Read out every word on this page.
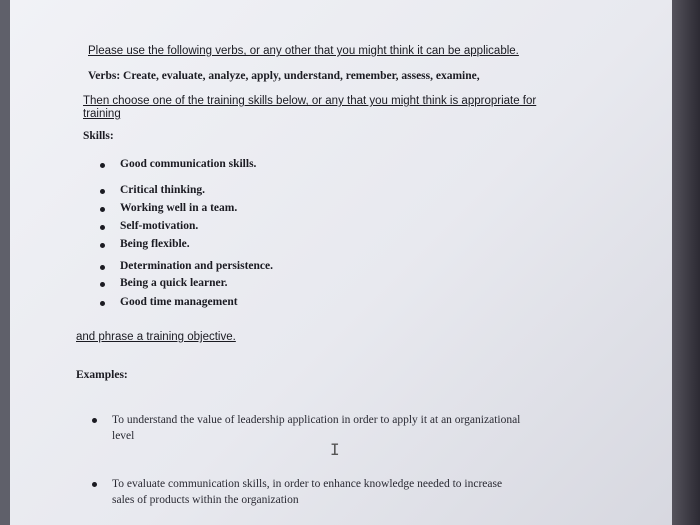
Please use the following verbs, or any other that you might think it can be applicable.
Verbs: Create, evaluate, analyze, apply, understand, remember, assess, examine,
Then choose one of the training skills below, or any that you might think is appropriate for
training
Skills:
Good communication skills.
Critical thinking.
Working well in a team.
Self-motivation.
Being flexible.
Determination and persistence.
Being a quick learner.
Good time management
and phrase a training objective.
Examples:
To understand the value of leadership application in order to apply it at an organizational
level
I
To evaluate communication skills, in order to enhance knowledge needed to increase
sales of products within the organization
